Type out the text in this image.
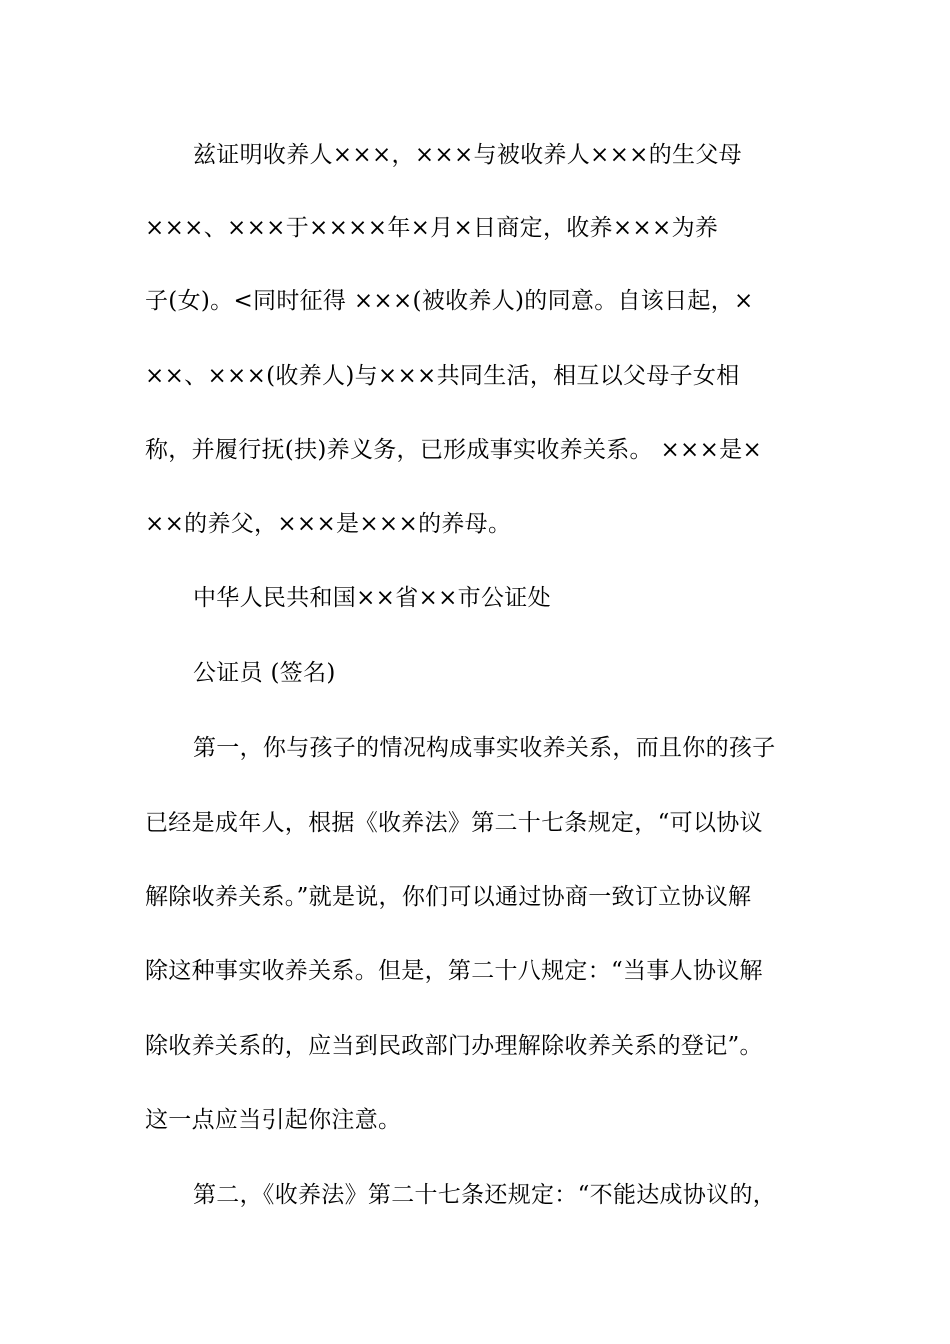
兹证明收养人×××，×××与被收养人×××的生父母
×××、×××于××××年×月×日商定，收养×××为养
子(女)。<同时征得 ×××(被收养人)的同意。自该日起，×
××、×××(收养人)与×××共同生活，相互以父母子女相
称，并履行抚(扶)养义务，已形成事实收养关系。 ×××是×
××的养父，×××是×××的养母。
中华人民共和国××省××市公证处
公证员 (签名)
第一，你与孩子的情况构成事实收养关系，而且你的孩子
已经是成年人，根据《收养法》第二十七条规定，“可以协议
解除收养关系。”就是说，你们可以通过协商一致订立协议解
除这种事实收养关系。但是，第二十八规定：“当事人协议解
除收养关系的，应当到民政部门办理解除收养关系的登记”。
这一点应当引起你注意。
第二，《收养法》第二十七条还规定：“不能达成协议的，
